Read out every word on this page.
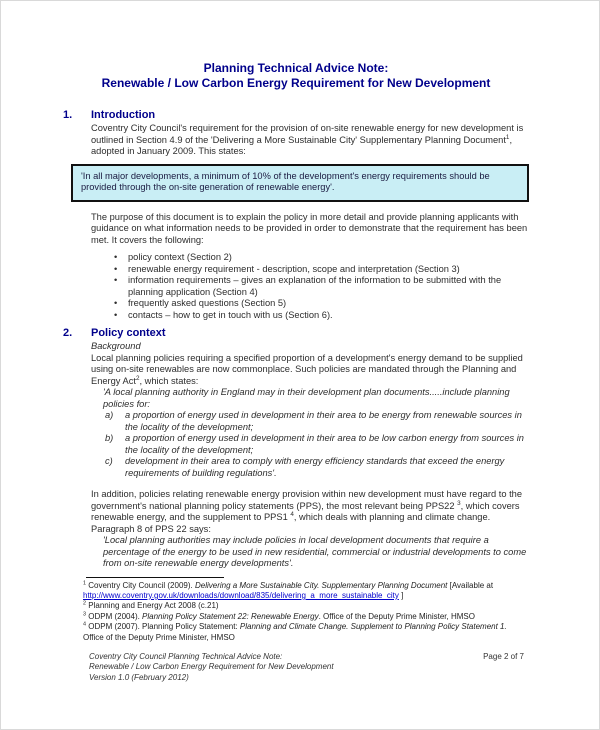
Planning Technical Advice Note:
Renewable / Low Carbon Energy Requirement for New Development
1.	Introduction

Coventry City Council's requirement for the provision of on-site renewable energy for new development is outlined in Section 4.9 of the 'Delivering a More Sustainable City' Supplementary Planning Document$^1$, adopted in January 2009. This states:

'In all major developments, a minimum of 10% of the development's energy requirements should be provided through the on-site generation of renewable energy'.

The purpose of this document is to explain the policy in more detail and provide planning applicants with guidance on what information needs to be provided in order to demonstrate that the requirement has been met. It covers the following:

•
policy context (Section 2)
•
renewable energy requirement - description, scope and interpretation (Section 3)
•
information requirements – gives an explanation of the information to be submitted with the planning application (Section 4)
•
frequently asked questions (Section 5)
•
contacts – how to get in touch with us (Section 6).
2.	Policy context

Background

Local planning policies requiring a specified proportion of a development's energy demand to be supplied using on-site renewables are now commonplace. Such policies are mandated through the Planning and Energy Act$^2$, which states:

'A local planning authority in England may in their development plan documents.....include planning policies for:

a)	a proportion of energy used in development in their area to be energy from renewable sources in the locality of the development;
b)	a proportion of energy used in development in their area to be low carbon energy from sources in the locality of the development;
c)	development in their area to comply with energy efficiency standards that exceed the energy requirements of building regulations'.

In addition, policies relating renewable energy provision within new development must have regard to the government's national planning policy statements (PPS), the most relevant being PPS22 $^3$, which covers renewable energy, and the supplement to PPS1 $^4$, which deals with planning and climate change. Paragraph 8 of PPS 22 says:

'Local planning authorities may include policies in local development documents that require a percentage of the energy to be used in new residential, commercial or industrial developments to come from on-site renewable energy developments'.

$^1$ Coventry City Council (2009). Delivering a More Sustainable City. Supplementary Planning Document [Available at http://www.coventry.gov.uk/downloads/download/835/delivering_a_more_sustainable_city ]

$^2$ Planning and Energy Act 2008 (c.21)

$^3$ ODPM (2004). Planning Policy Statement 22: Renewable Energy. Office of the Deputy Prime Minister, HMSO

$^4$ ODPM (2007). Planning Policy Statement: Planning and Climate Change. Supplement to Planning Policy Statement 1. Office of the Deputy Prime Minister, HMSO

Coventry City Council Planning Technical Advice Note:
Renewable / Low Carbon Energy Requirement for New Development
Version 1.0 (February 2012)
Page 2 of 7
